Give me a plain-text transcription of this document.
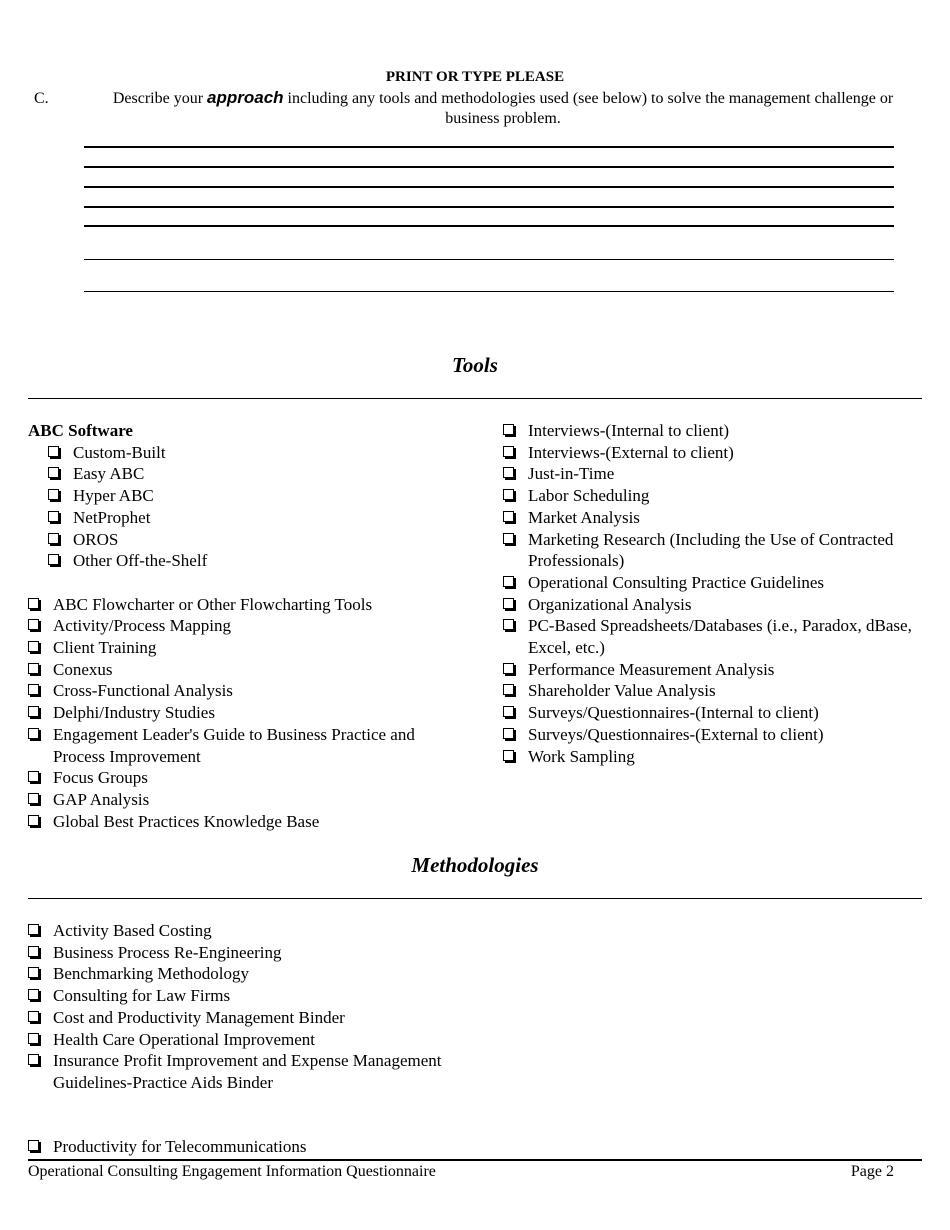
PRINT OR TYPE PLEASE
C.	Describe your approach including any tools and methodologies used (see below) to solve the management challenge or business problem.
Tools
ABC Software
Custom-Built
Easy ABC
Hyper ABC
NetProphet
OROS
Other Off-the-Shelf
ABC Flowcharter or Other Flowcharting Tools
Activity/Process Mapping
Client Training
Conexus
Cross-Functional Analysis
Delphi/Industry Studies
Engagement Leader's Guide to Business Practice and Process Improvement
Focus Groups
GAP Analysis
Global Best Practices Knowledge Base
Interviews-(Internal to client)
Interviews-(External to client)
Just-in-Time
Labor Scheduling
Market Analysis
Marketing Research (Including the Use of Contracted Professionals)
Operational Consulting Practice Guidelines
Organizational Analysis
PC-Based Spreadsheets/Databases (i.e., Paradox, dBase, Excel, etc.)
Performance Measurement Analysis
Shareholder Value Analysis
Surveys/Questionnaires-(Internal to client)
Surveys/Questionnaires-(External to client)
Work Sampling
Methodologies
Activity Based Costing
Business Process Re-Engineering
Benchmarking Methodology
Consulting for Law Firms
Cost and Productivity Management Binder
Health Care Operational Improvement
Insurance Profit Improvement and Expense Management Guidelines-Practice Aids Binder
Productivity for Telecommunications
Operational Consulting Engagement Information Questionnaire	Page 2
